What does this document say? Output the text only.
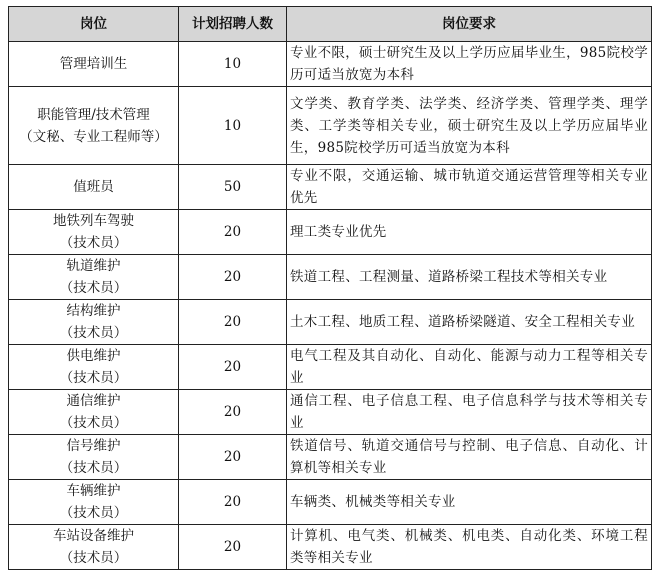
岗位	计划招聘人数	岗位要求

管理培训生	10	专业不限，硕士研究生及以上学历应届毕业生，985院校学历可适当放宽为本科

职能管理/技术管理
（文秘、专业工程师等）	10	文学类、教育学类、法学类、经济学类、管理学类、理学类、工学类等相关专业，硕士研究生及以上学历应届毕业生，985院校学历可适当放宽为本科

值班员	50	专业不限，交通运输、城市轨道交通运营管理等相关专业优先

地铁列车驾驶
（技术员）	20	理工类专业优先

轨道维护
（技术员）	20	铁道工程、工程测量、道路桥梁工程技术等相关专业

结构维护
（技术员）	20	土木工程、地质工程、道路桥梁隧道、安全工程相关专业

供电维护
（技术员）	20	电气工程及其自动化、自动化、能源与动力工程等相关专业

通信维护
（技术员）	20	通信工程、电子信息工程、电子信息科学与技术等相关专业

信号维护
（技术员）	20	铁道信号、轨道交通信号与控制、电子信息、自动化、计算机等相关专业

车辆维护
（技术员）	20	车辆类、机械类等相关专业

车站设备维护
（技术员）	20	计算机、电气类、机械类、机电类、自动化类、环境工程类等相关专业
